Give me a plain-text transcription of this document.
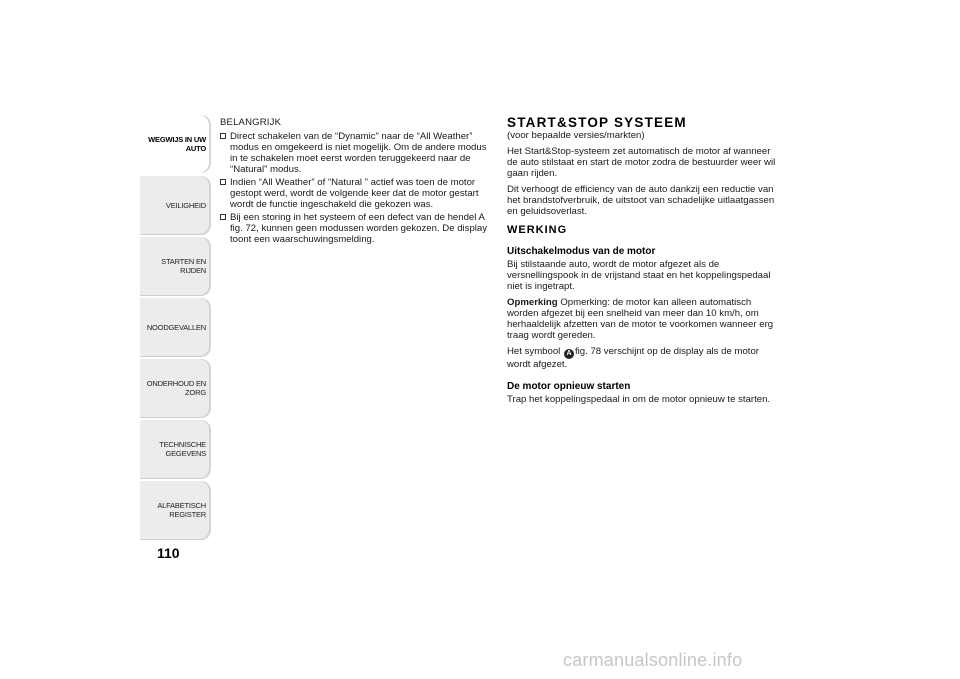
WEGWIJS IN UW AUTO
VEILIGHEID
STARTEN EN RIJDEN
NOODGEVALLEN
ONDERHOUD EN ZORG
TECHNISCHE GEGEVENS
ALFABETISCH REGISTER
110
BELANGRIJK
Direct schakelen van de “Dynamic” naar de “All Weather” modus en omgekeerd is niet mogelijk. Om de andere modus in te schakelen moet eerst worden teruggekeerd naar de “Natural” modus.
Indien “All Weather” of “Natural ” actief was toen de motor gestopt werd, wordt de volgende keer dat de motor gestart wordt de functie ingeschakeld die gekozen was.
Bij een storing in het systeem of een defect van de hendel A fig. 72, kunnen geen modussen worden gekozen. De display toont een waarschuwingsmelding.
START&STOP SYSTEEM

(voor bepaalde versies/markten)

Het Start&Stop-systeem zet automatisch de motor af wanneer de auto stilstaat en start de motor zodra de bestuurder weer wil gaan rijden.

Dit verhoogt de efficiency van de auto dankzij een reductie van het brandstofverbruik, de uitstoot van schadelijke uitlaatgassen en geluidsoverlast.

WERKING
Uitschakelmodus van de motor

Bij stilstaande auto, wordt de motor afgezet als de versnellingspook in de vrijstand staat en het koppelingspedaal niet is ingetrapt.

Opmerking Opmerking: de motor kan alleen automatisch worden afgezet bij een snelheid van meer dan 10 km/h, om herhaaldelijk afzetten van de motor te voorkomen wanneer erg traag wordt gereden.

Het symbool A fig. 78 verschijnt op de display als de motor wordt afgezet.

De motor opnieuw starten

Trap het koppelingspedaal in om de motor opnieuw te starten.

carmanualsonline.info
